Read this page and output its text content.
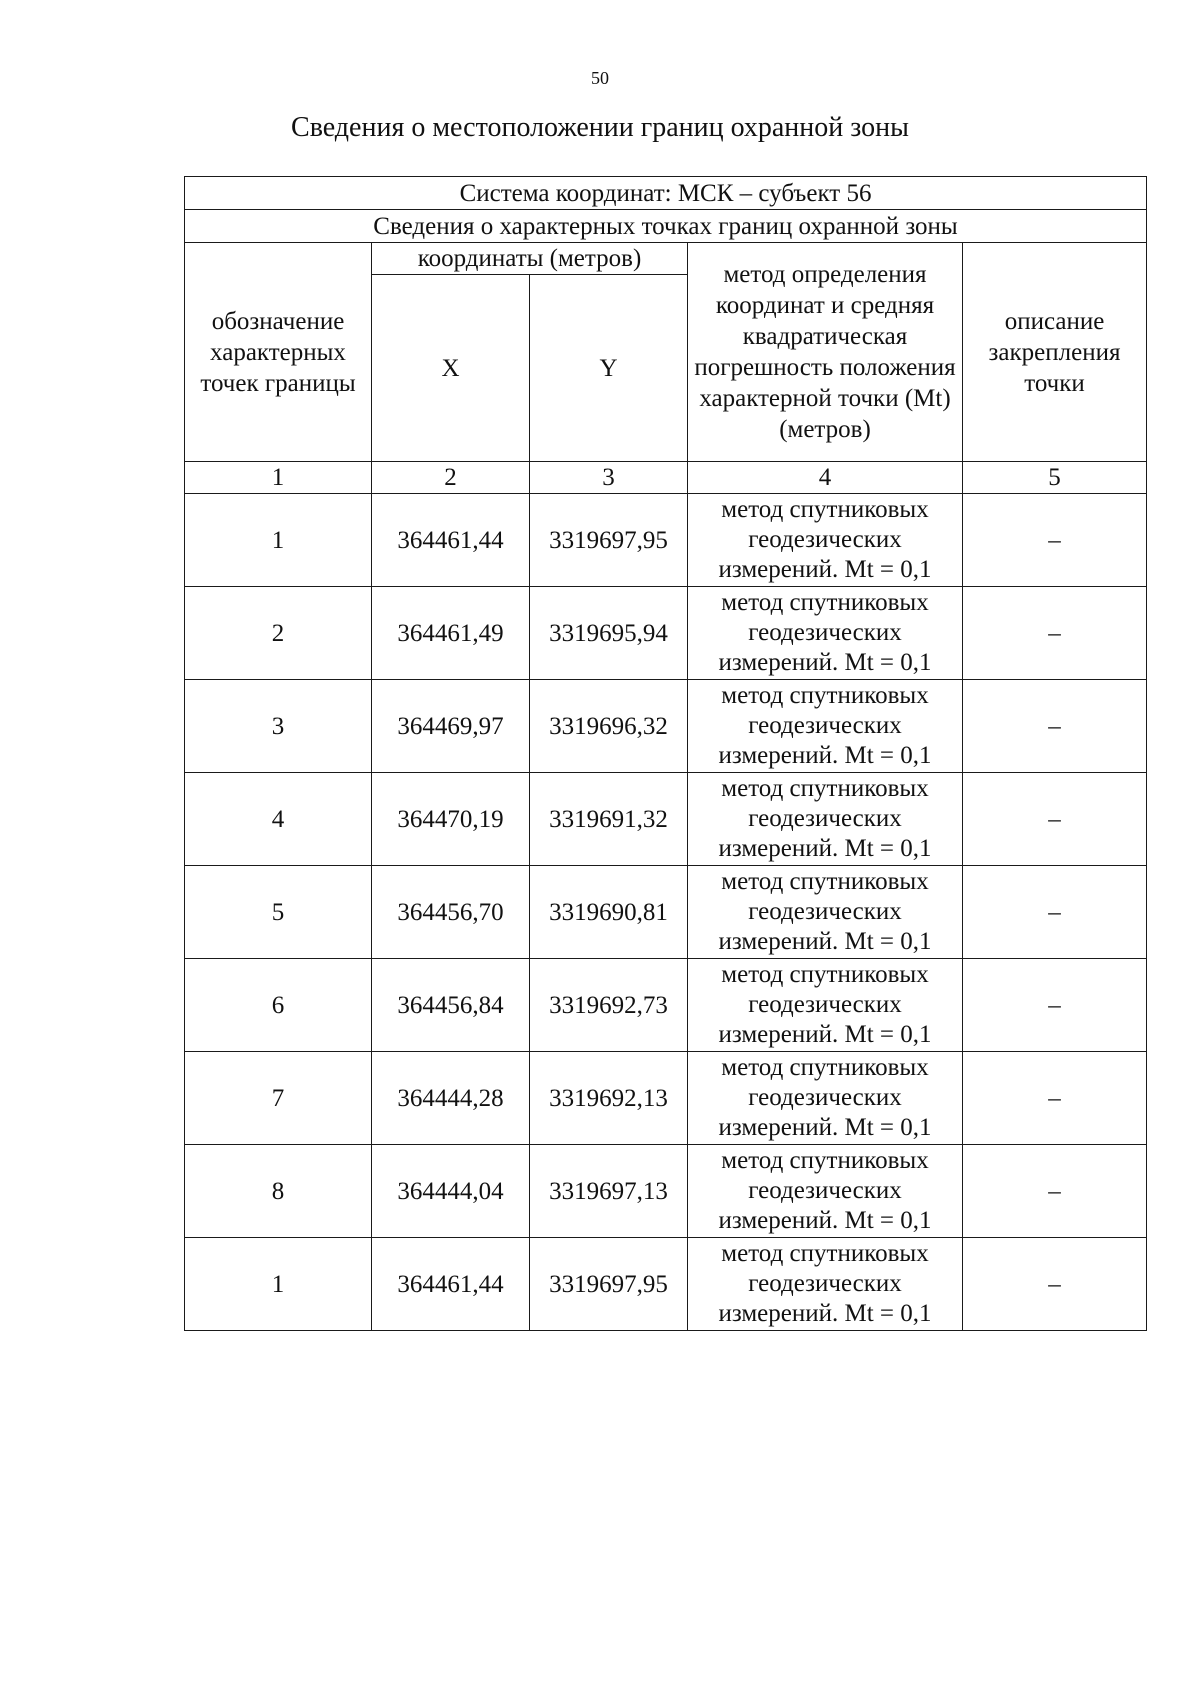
50
Сведения о местоположении границ охранной зоны
Система координат: МСК – субъект 56				
Сведения о характерных точках границ охранной зоны				
обозначение характерных точек границы	координаты (метров)		метод определения координат и средняя квадратическая погрешность положения характерной точки (Mt) (метров)	описание закрепления точки
	X	Y		
1	2	3	4	5
1	364461,44	3319697,95	метод спутниковых геодезических измерений. Mt = 0,1	–
2	364461,49	3319695,94	метод спутниковых геодезических измерений. Mt = 0,1	–
3	364469,97	3319696,32	метод спутниковых геодезических измерений. Mt = 0,1	–
4	364470,19	3319691,32	метод спутниковых геодезических измерений. Mt = 0,1	–
5	364456,70	3319690,81	метод спутниковых геодезических измерений. Mt = 0,1	–
6	364456,84	3319692,73	метод спутниковых геодезических измерений. Mt = 0,1	–
7	364444,28	3319692,13	метод спутниковых геодезических измерений. Mt = 0,1	–
8	364444,04	3319697,13	метод спутниковых геодезических измерений. Mt = 0,1	–
1	364461,44	3319697,95	метод спутниковых геодезических измерений. Mt = 0,1	–
